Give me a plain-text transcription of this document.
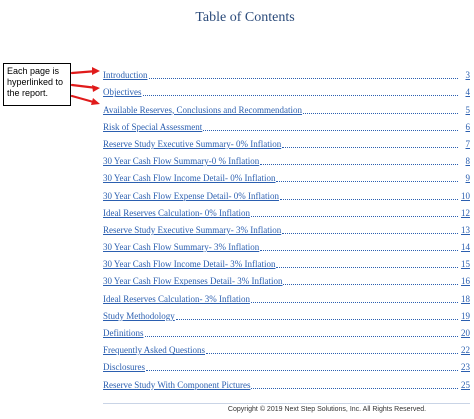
Table of Contents
Each page is hyperlinked to the report.
Introduction	3
Objectives	4
Available Reserves, Conclusions and Recommendation	5
Risk of Special Assessment	6
Reserve Study Executive Summary- 0% Inflation	7
30 Year Cash Flow Summary-0 % Inflation	8
30 Year Cash Flow Income Detail- 0% Inflation	9
30 Year Cash Flow Expense Detail- 0% Inflation	10
Ideal Reserves Calculation- 0% Inflation	12
Reserve Study Executive Summary- 3% Inflation	13
30 Year Cash Flow Summary- 3% Inflation	14
30 Year Cash Flow Income Detail- 3% Inflation	15
30 Year Cash Flow Expenses Detail- 3% Inflation	16
Ideal Reserves Calculation- 3% Inflation	18
Study Methodology	19
Definitions	20
Frequently Asked Questions	22
Disclosures	23
Reserve Study With Component Pictures	25
Copyright © 2019 Next Step Solutions, Inc. All Rights Reserved.
